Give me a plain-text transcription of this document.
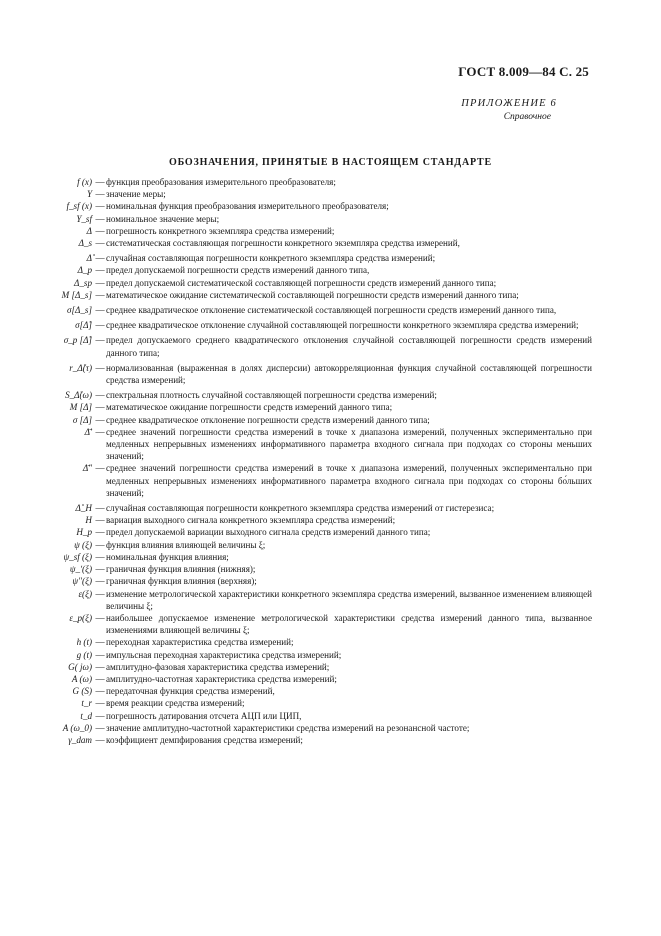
ГОСТ 8.009—84 С. 25
ПРИЛОЖЕНИЕ 6
Справочное
ОБОЗНАЧЕНИЯ, ПРИНЯТЫЕ В НАСТОЯЩЕМ СТАНДАРТЕ
f (x) — функция преобразования измерительного преобразователя;
Y — значение меры;
f_sf (x) — номинальная функция преобразования измерительного преобразователя;
Y_sf — номинальное значение меры;
Δ — погрешность конкретного экземпляра средства измерений;
Δ_s — систематическая составляющая погрешности конкретного экземпляра средства измерений,
Δ̊ — случайная составляющая погрешности конкретного экземпляра средства измерений;
Δ_p — предел допускаемой погрешности средств измерений данного типа,
Δ_sp — предел допускаемой систематической составляющей погрешности средств измерений данного типа;
M [Δ_s] — математическое ожидание систематической составляющей погрешности средств измерений данного типа;
σ[Δ_s] — среднее квадратическое отклонение систематической составляющей погрешности средств измерений данного типа,
σ[Δ̊] — среднее квадратическое отклонение случайной составляющей погрешности конкретного экземпляра средства измерений;
σ_p [Δ̊] — предел допускаемого среднего квадратического отклонения случайной составляющей погрешности средств измерений данного типа;
r_Δ̊(τ) — нормализованная (выраженная в долях дисперсии) автокорреляционная функция случайной составляющей погрешности средства измерений;
S_Δ̊(ω) — спектральная плотность случайной составляющей погрешности средства измерений;
M [Δ] — математическое ожидание погрешности средств измерений данного типа;
σ [Δ] — среднее квадратическое отклонение погрешности средств измерений данного типа;
Δ̄′ — среднее значений погрешности средства измерений в точке x диапазона измерений, полученных экспериментально при медленных непрерывных изменениях информативного параметра входного сигнала при подходах со стороны меньших значений;
Δ̄″ — среднее значений погрешности средства измерений в точке x диапазона измерений, полученных экспериментально при медленных непрерывных изменениях информативного параметра входного сигнала при подходах со стороны бо́льших значений;
Δ̊_H — случайная составляющая погрешности конкретного экземпляра средства измерений от гистерезиса;
H — вариация выходного сигнала конкретного экземпляра средства измерений;
H_p — предел допускаемой вариации выходного сигнала средств измерений данного типа;
ψ (ξ) — функция влияния влияющей величины ξ;
ψ_sf (ξ) — номинальная функция влияния;
ψ_ʹ(ξ) — граничная функция влияния (нижняя);
ψ′′(ξ) — граничная функция влияния (верхняя);
ε(ξ) — изменение метрологической характеристики конкретного экземпляра средства измерений, вызванное изменением влияющей величины ξ;
ε_p(ξ) — наибольшее допускаемое изменение метрологической характеристики средства измерений данного типа, вызванное изменениями влияющей величины ξ;
h (t) — переходная характеристика средства измерений;
g (t) — импульсная переходная характеристика средства измерений;
G( jω) — амплитудно-фазовая характеристика средства измерений;
A (ω) — амплитудно-частотная характеристика средства измерений;
G (S) — передаточная функция средства измерений,
t_r — время реакции средства измерений;
t_d — погрешность датирования отсчета АЦП или ЦИП,
A (ω_0) — значение амплитудно-частотной характеристики средства измерений на резонансной частоте;
γ_dam — коэффициент демпфирования средства измерений;
